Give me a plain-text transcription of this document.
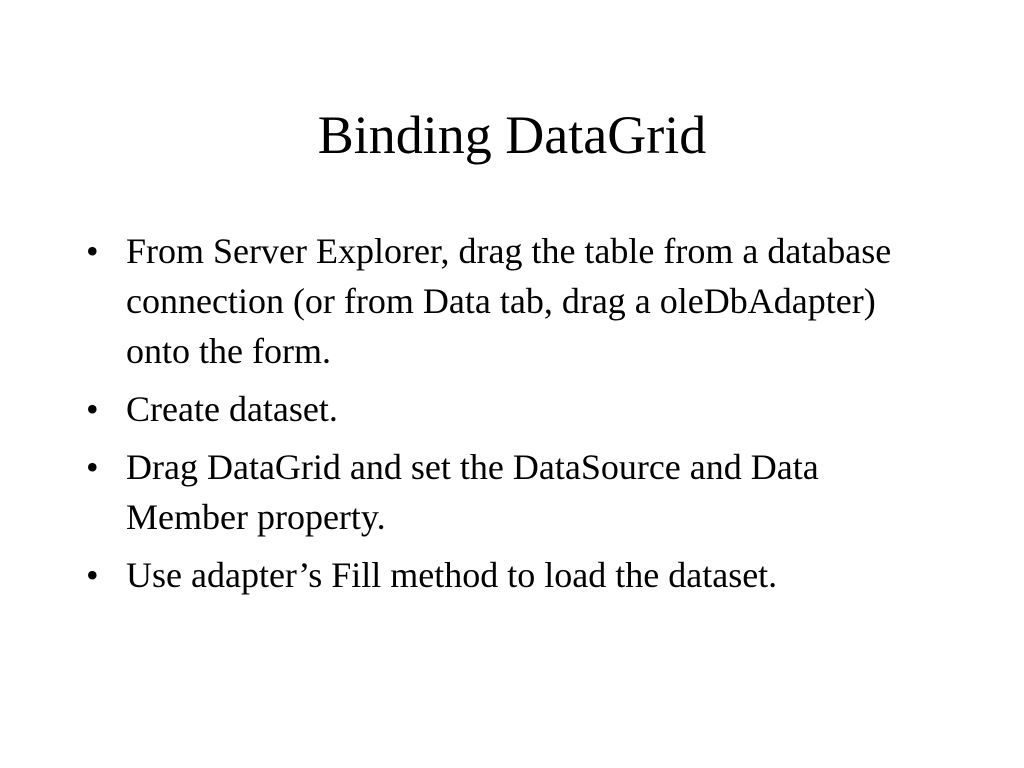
Binding DataGrid
• From Server Explorer, drag the table from a database connection (or from Data tab, drag a oleDbAdapter) onto the form.
• Create dataset.
• Drag DataGrid and set the DataSource and Data Member property.
• Use adapter’s Fill method to load the dataset.
